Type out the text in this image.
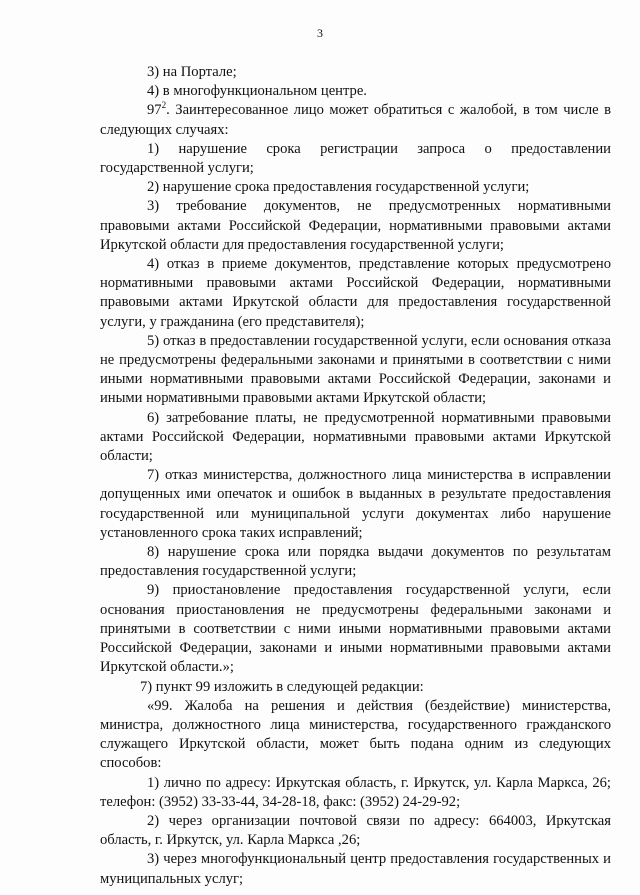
3

3) на Портале;

4) в многофункциональном центре.

$97^2$. Заинтересованное лицо может обратиться с жалобой, в том числе в следующих случаях:

1) нарушение срока регистрации запроса о предоставлении государственной услуги;

2) нарушение срока предоставления государственной услуги;

3) требование документов, не предусмотренных нормативными правовыми актами Российской Федерации, нормативными правовыми актами Иркутской области для предоставления государственной услуги;

4) отказ в приеме документов, представление которых предусмотрено нормативными правовыми актами Российской Федерации, нормативными правовыми актами Иркутской области для предоставления государственной услуги, у гражданина (его представителя);

5) отказ в предоставлении государственной услуги, если основания отказа не предусмотрены федеральными законами и принятыми в соответствии с ними иными нормативными правовыми актами Российской Федерации, законами и иными нормативными правовыми актами Иркутской области;

6) затребование платы, не предусмотренной нормативными правовыми актами Российской Федерации, нормативными правовыми актами Иркутской области;

7) отказ министерства, должностного лица министерства в исправлении допущенных ими опечаток и ошибок в выданных в результате предоставления государственной или муниципальной услуги документах либо нарушение установленного срока таких исправлений;

8) нарушение срока или порядка выдачи документов по результатам предоставления государственной услуги;

9) приостановление предоставления государственной услуги, если основания приостановления не предусмотрены федеральными законами и принятыми в соответствии с ними иными нормативными правовыми актами Российской Федерации, законами и иными нормативными правовыми актами Иркутской области.»;

7) пункт 99 изложить в следующей редакции:

«99. Жалоба на решения и действия (бездействие) министерства, министра, должностного лица министерства, государственного гражданского служащего Иркутской области, может быть подана одним из следующих способов:

1) лично по адресу: Иркутская область, г. Иркутск, ул. Карла Маркса, 26; телефон: (3952) 33-33-44, 34-28-18, факс: (3952) 24-29-92;

2) через организации почтовой связи по адресу: 664003, Иркутская область, г. Иркутск, ул. Карла Маркса ,26;

3) через многофункциональный центр предоставления государственных и муниципальных услуг;
